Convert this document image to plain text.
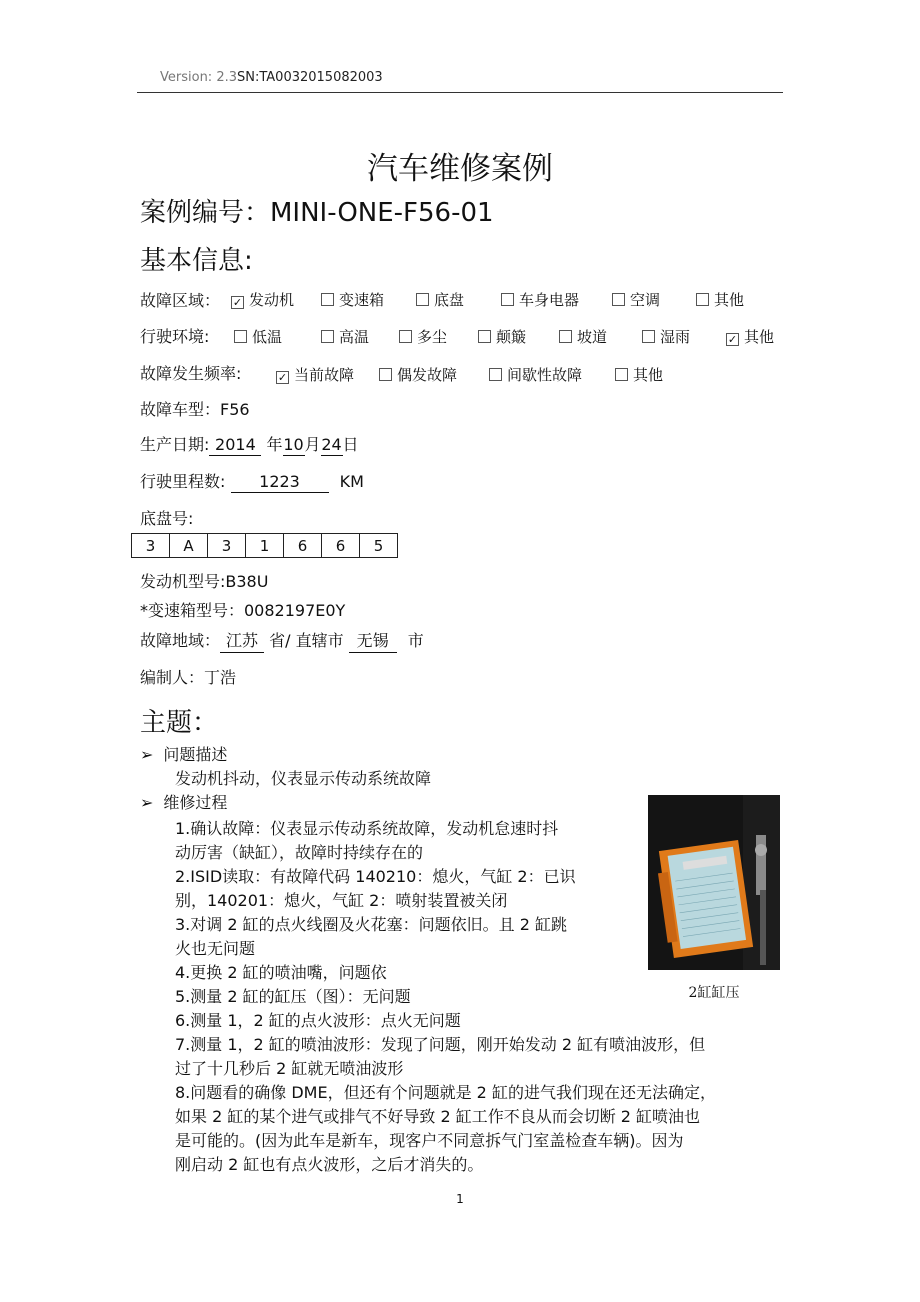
Version: 2.3SN:TA0032015082003
汽车维修案例
案例编号：MINI-ONE-F56-01
基本信息:
故障区域： ✓ 发动机	变速箱	底盘	车身电器	空调	其他
行驶环境:	低温	高温	多尘	颠簸	坡道	湿雨	✓ 其他
故障发生频率:	✓ 当前故障	偶发故障	间歇性故障	其他
故障车型：F56
生产日期: 2014 年10月24日
行驶里程数: 1223 KM
底盘号:
3	A	3	1	6	6	5
发动机型号:B38U
*变速箱型号：0082197E0Y
故障地域： 江苏 省/ 直辖市 无锡 市
编制人：丁浩
主题：
➢ 问题描述
发动机抖动，仪表显示传动系统故障
➢ 维修过程
1.确认故障：仪表显示传动系统故障，发动机怠速时抖
动厉害（缺缸），故障时持续存在的
2.ISID读取：有故障代码 140210：熄火，气缸 2：已识
别，140201：熄火，气缸 2：喷射装置被关闭
3.对调 2 缸的点火线圈及火花塞：问题依旧。且 2 缸跳
火也无问题
4.更换 2 缸的喷油嘴，问题依
5.测量 2 缸的缸压（图）：无问题
6.测量 1，2 缸的点火波形：点火无问题
7.测量 1，2 缸的喷油波形：发现了问题，刚开始发动 2 缸有喷油波形，但
过了十几秒后 2 缸就无喷油波形
8.问题看的确像 DME，但还有个问题就是 2 缸的进气我们现在还无法确定，
如果 2 缸的某个进气或排气不好导致 2 缸工作不良从而会切断 2 缸喷油也
是可能的。(因为此车是新车，现客户不同意拆气门室盖检查车辆)。因为
刚启动 2 缸也有点火波形，之后才消失的。
2缸缸压
1
